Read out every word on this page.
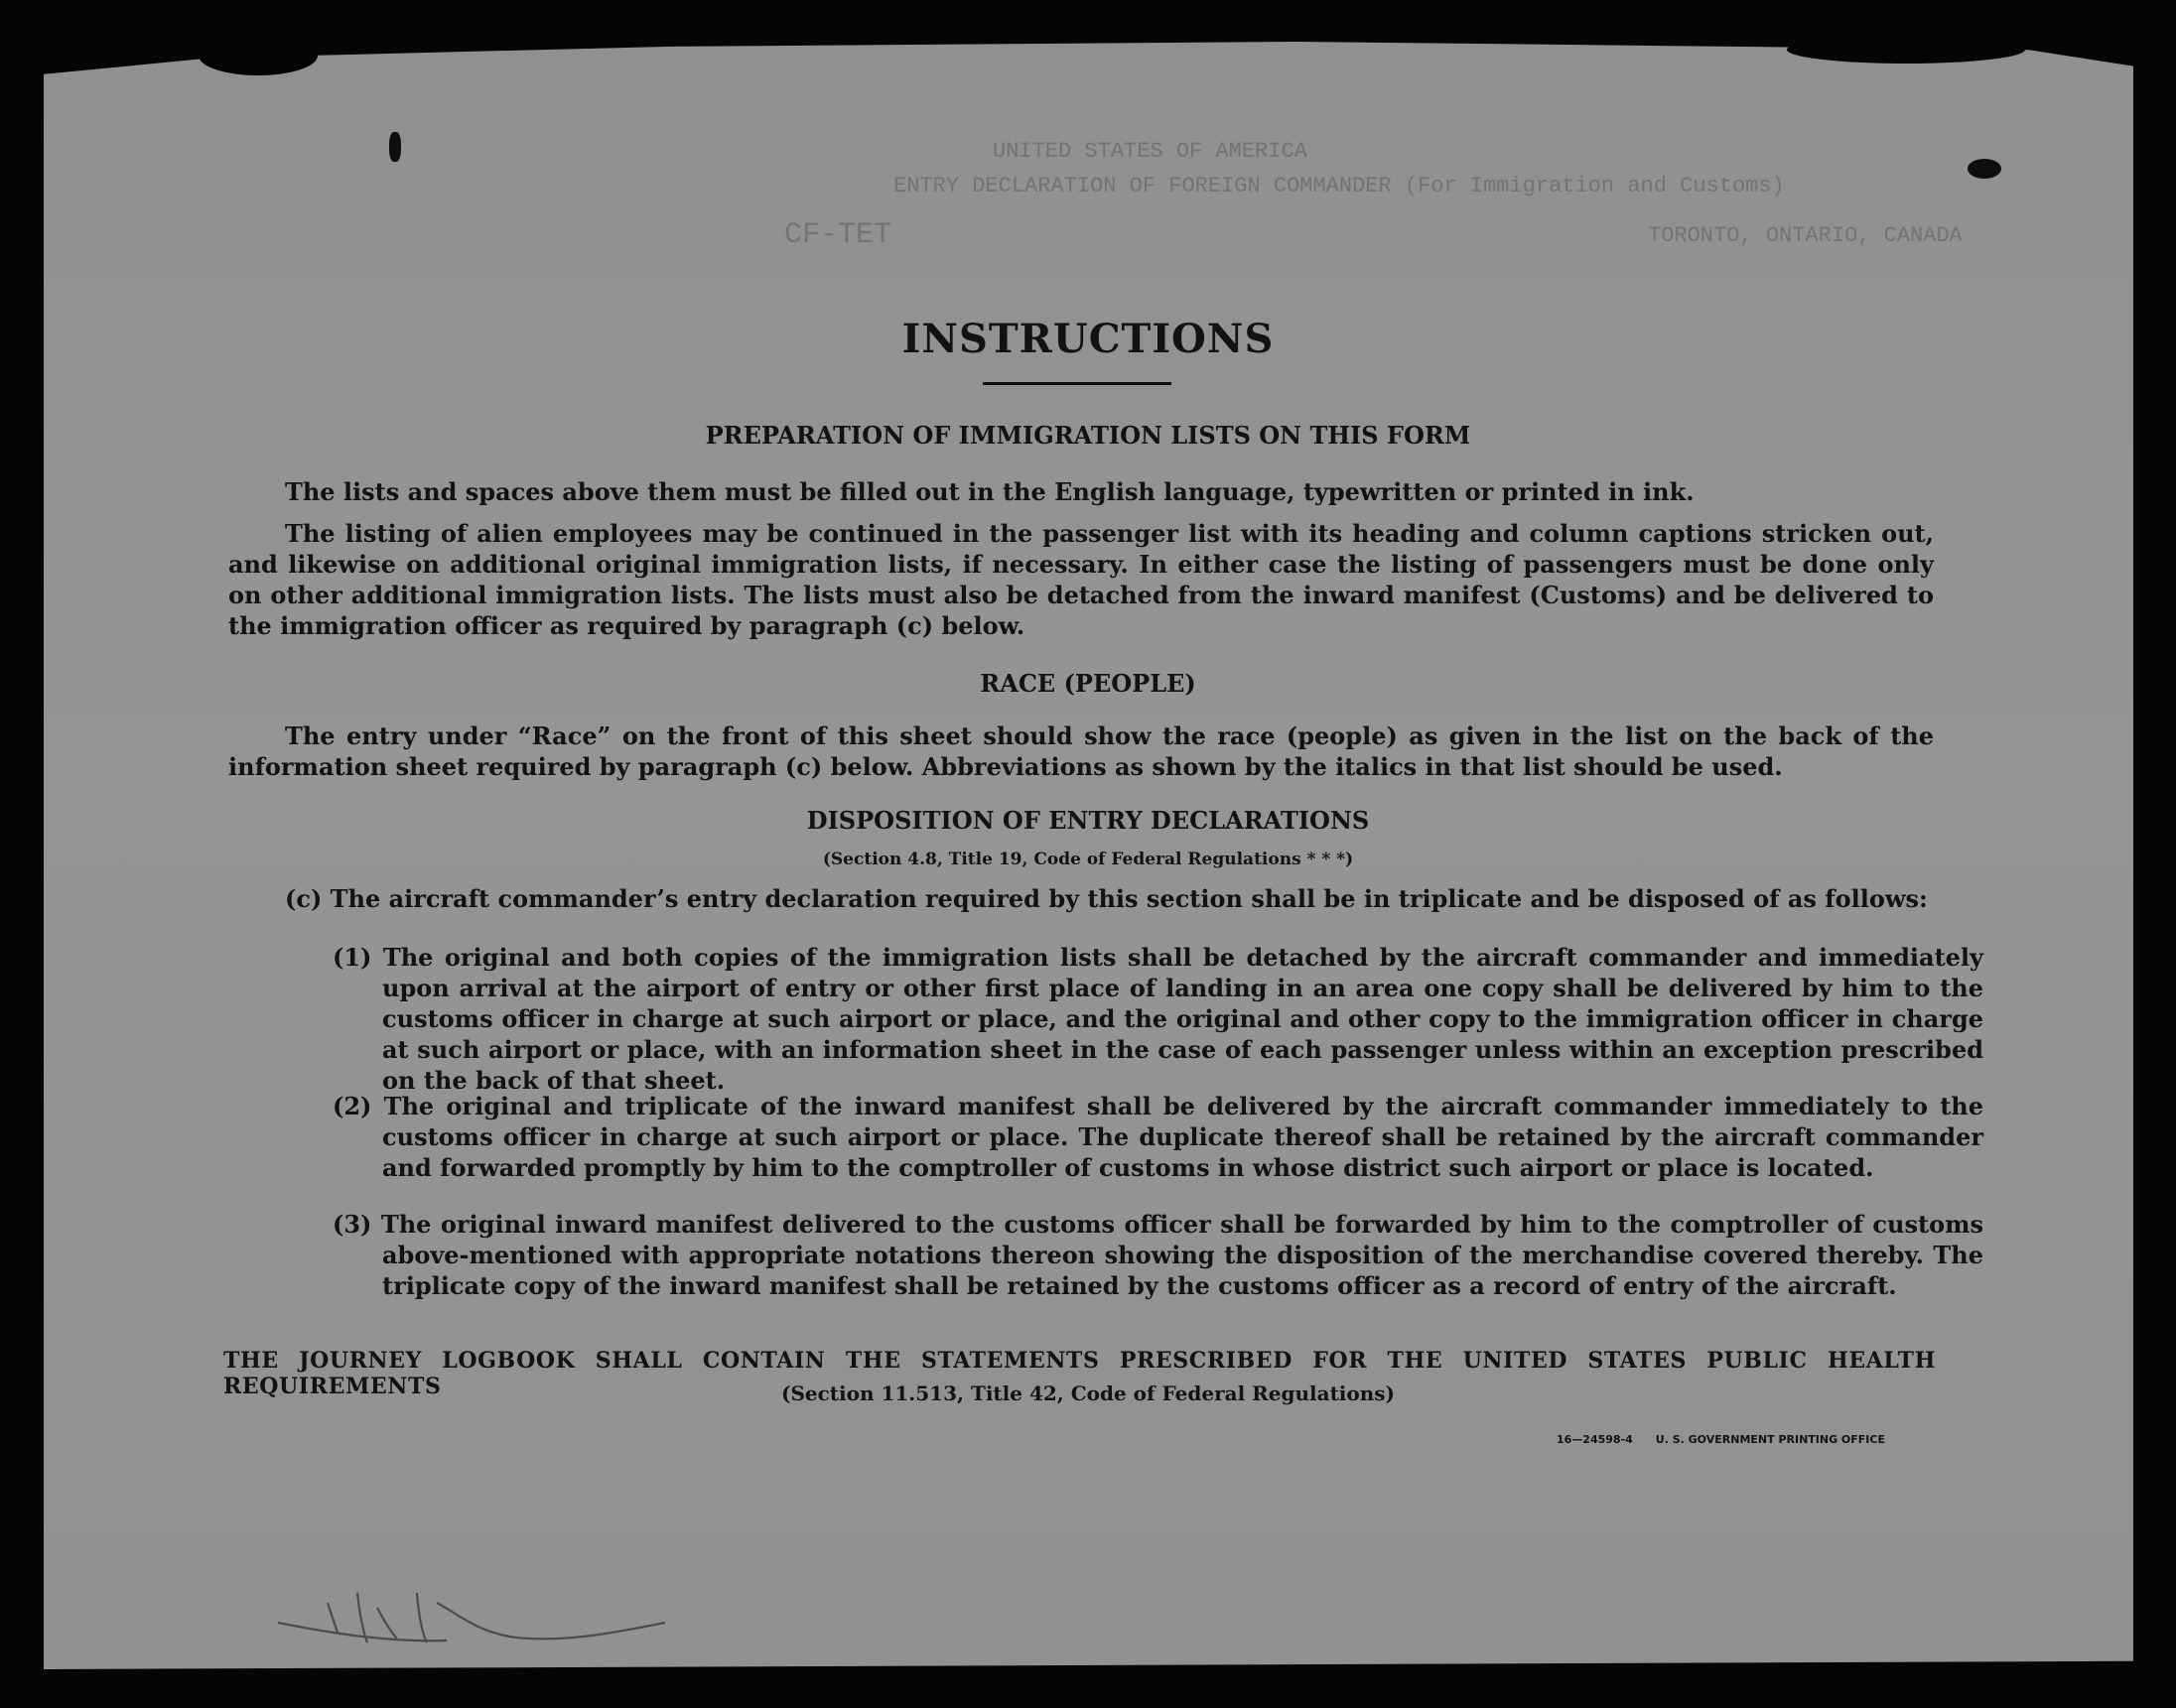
UNITED STATES OF AMERICA
ENTRY DECLARATION OF FOREIGN COMMANDER (For Immigration and Customs)
TORONTO, ONTARIO, CANADA
CF-TET
INSTRUCTIONS
PREPARATION OF IMMIGRATION LISTS ON THIS FORM

The lists and spaces above them must be filled out in the English language, typewritten or printed in ink.

The listing of alien employees may be continued in the passenger list with its heading and column captions stricken out, and likewise on additional original immigration lists, if necessary. In either case the listing of passengers must be done only on other additional immigration lists. The lists must also be detached from the inward manifest (Customs) and be delivered to the immigration officer as required by paragraph (c) below.

RACE (PEOPLE)

The entry under “Race” on the front of this sheet should show the race (people) as given in the list on the back of the information sheet required by paragraph (c) below. Abbreviations as shown by the italics in that list should be used.

DISPOSITION OF ENTRY DECLARATIONS
(Section 4.8, Title 19, Code of Federal Regulations * * *)

(c) The aircraft commander’s entry declaration required by this section shall be in triplicate and be disposed of as follows:

(1) The original and both copies of the immigration lists shall be detached by the aircraft commander and immediately upon arrival at the airport of entry or other first place of landing in an area one copy shall be delivered by him to the customs officer in charge at such airport or place, and the original and other copy to the immigration officer in charge at such airport or place, with an information sheet in the case of each passenger unless within an exception prescribed on the back of that sheet.

(2) The original and triplicate of the inward manifest shall be delivered by the aircraft commander immediately to the customs officer in charge at such airport or place. The duplicate thereof shall be retained by the aircraft commander and forwarded promptly by him to the comptroller of customs in whose district such airport or place is located.

(3) The original inward manifest delivered to the customs officer shall be forwarded by him to the comptroller of customs above-mentioned with appropriate notations thereon showing the disposition of the merchandise covered thereby. The triplicate copy of the inward manifest shall be retained by the customs officer as a record of entry of the aircraft.

THE JOURNEY LOGBOOK SHALL CONTAIN THE STATEMENTS PRESCRIBED FOR THE UNITED STATES PUBLIC HEALTH REQUIREMENTS	(Section 11.513, Title 42, Code of Federal Regulations)
16—24598-4 U. S. GOVERNMENT PRINTING OFFICE
